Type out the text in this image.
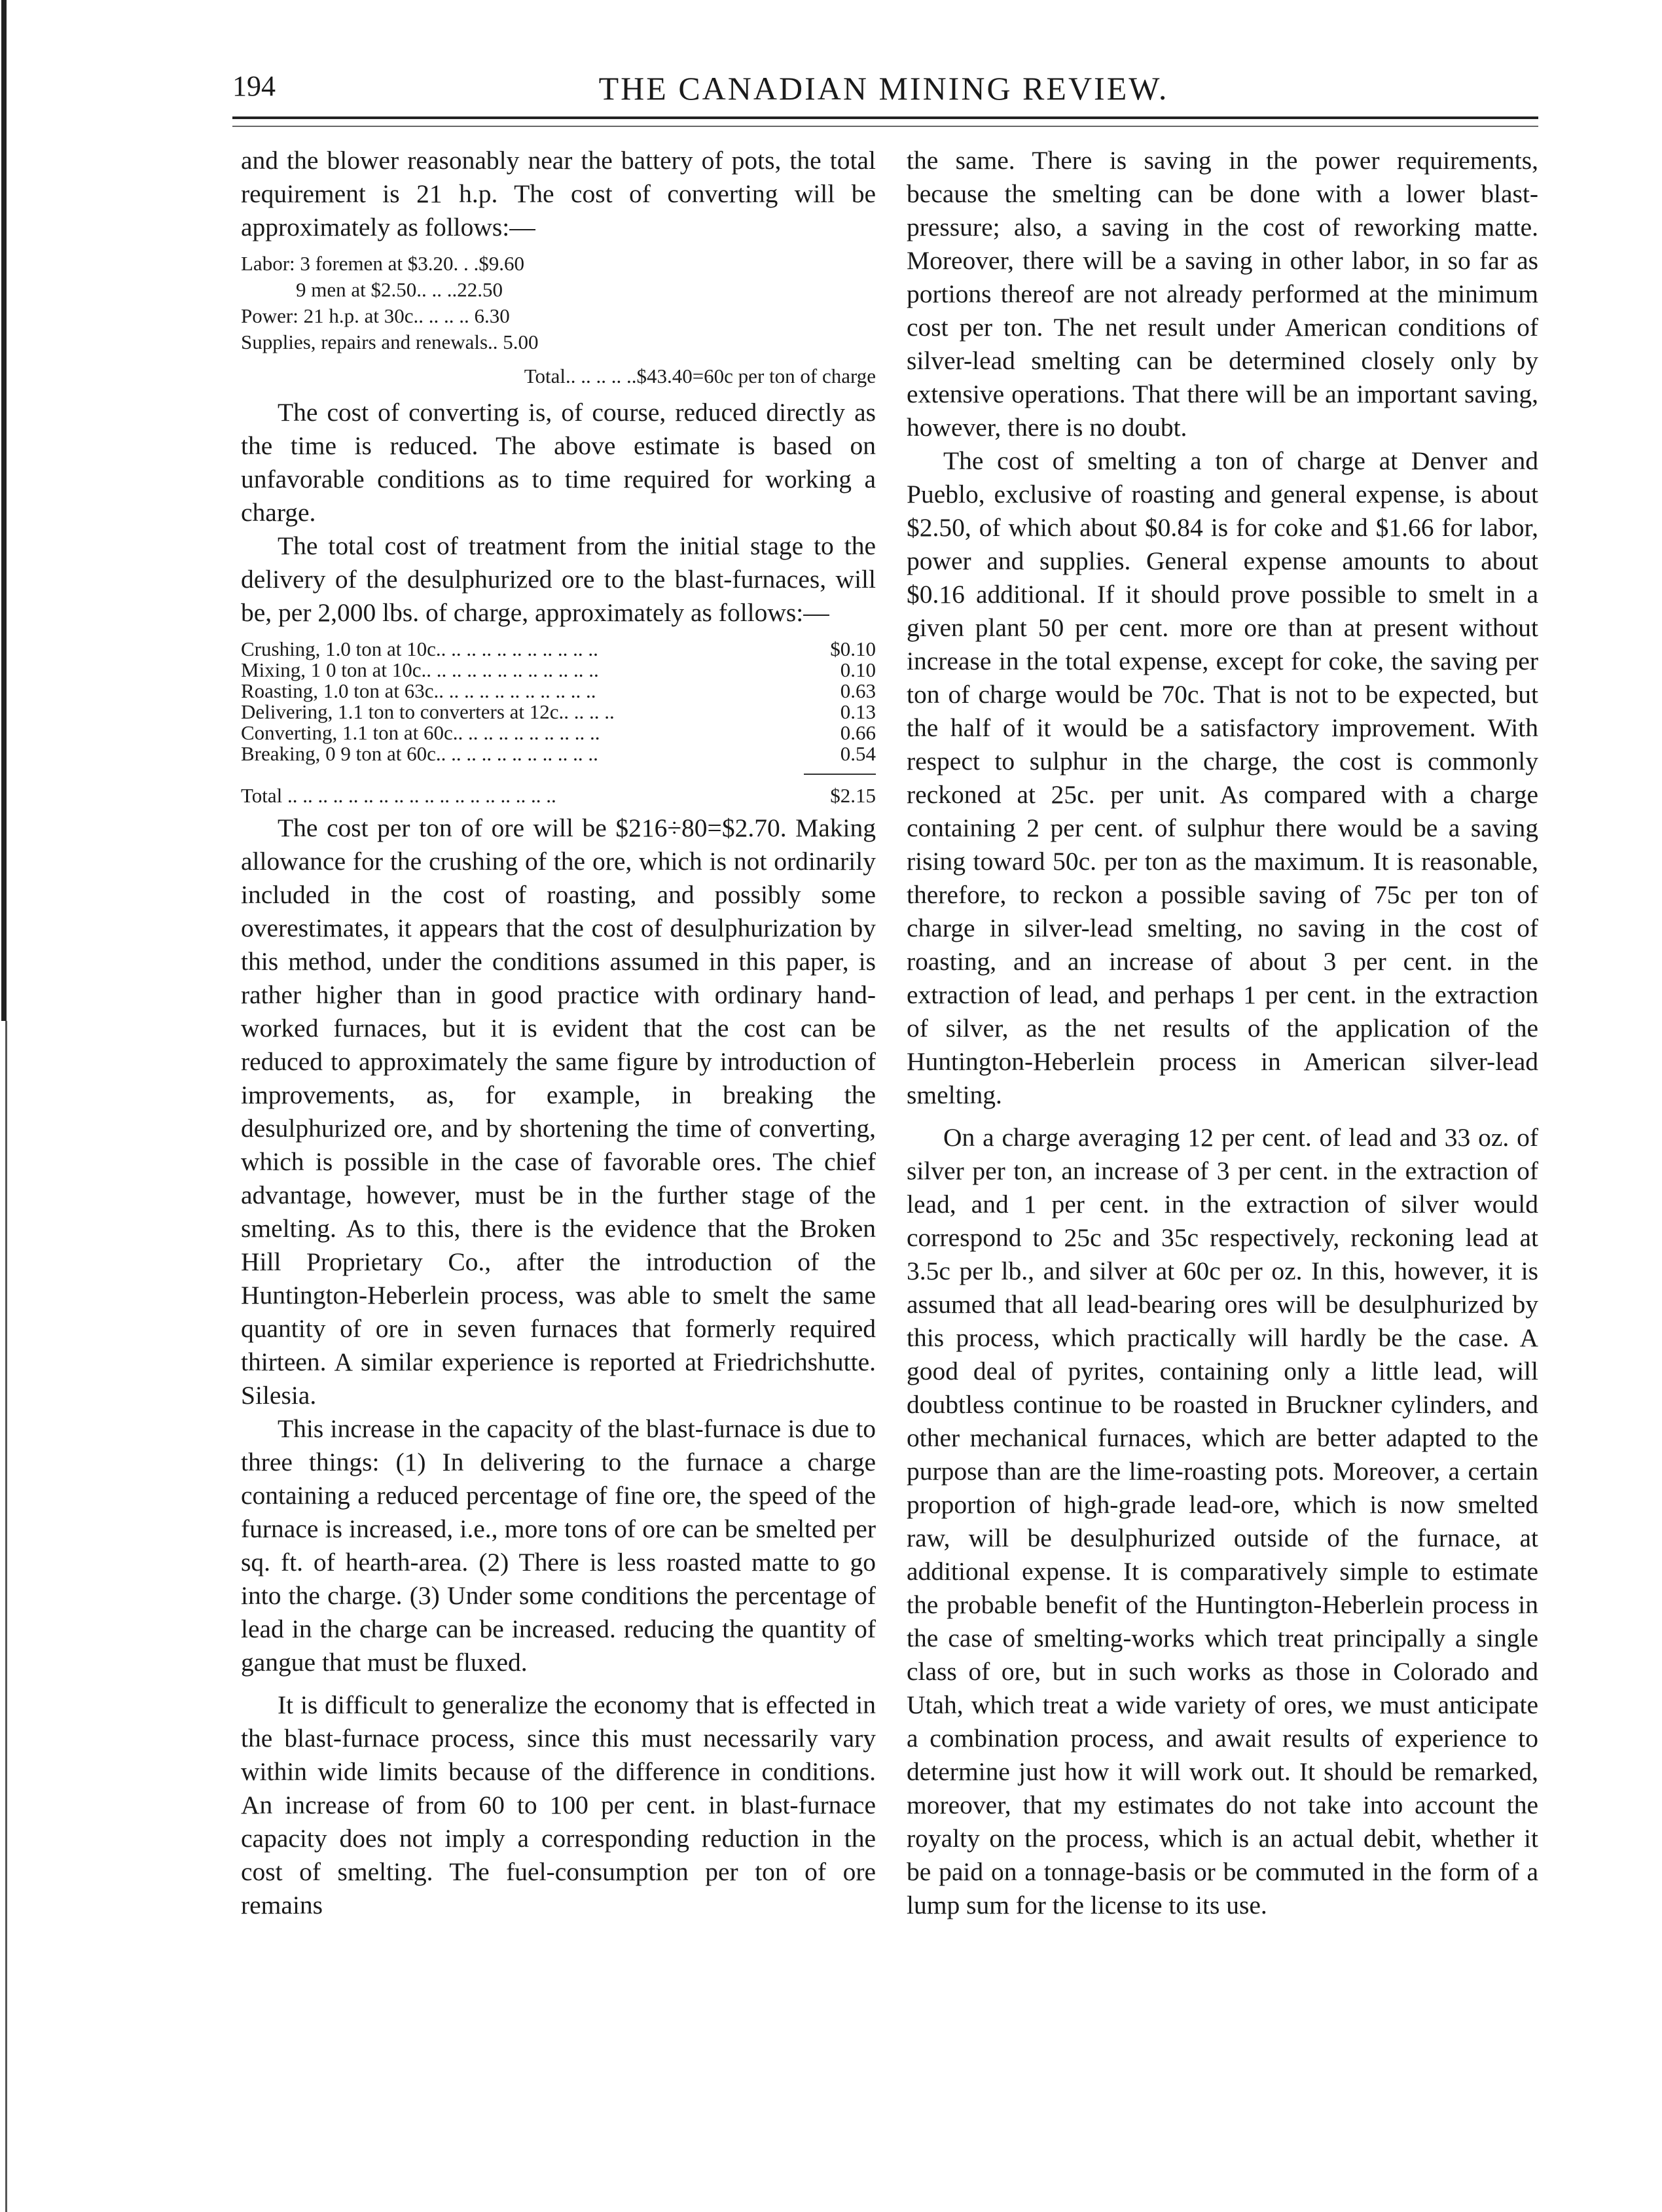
194	THE CANADIAN MINING REVIEW.

and the blower reasonably near the battery of pots, the total requirement is 21 h.p. The cost of converting will be approximately as follows:—

Labor: 3 foremen at $3.20. . .$9.60
9 men at $2.50.. .. ..22.50
Power: 21 h.p. at 30c.. .. .. .. 6.30
Supplies, repairs and renewals.. 5.00
Total.. .. .. .. ..$43.40=60c per ton of charge

The cost of converting is, of course, reduced directly as the time is reduced. The above estimate is based on unfavorable conditions as to time required for working a charge.

The total cost of treatment from the initial stage to the delivery of the desulphurized ore to the blast-furnaces, will be, per 2,000 lbs. of charge, approximately as follows:—

Crushing, 1.0 ton at 10c.. .. .. .. .. .. .. .. .. .. ..	$0.10
Mixing, 1 0 ton at 10c.. .. .. .. .. .. .. .. .. .. .. ..	0.10
Roasting, 1.0 ton at 63c.. .. .. .. .. .. .. .. .. .. ..	0.63
Delivering, 1.1 ton to converters at 12c.. .. .. ..	0.13
Converting, 1.1 ton at 60c.. .. .. .. .. .. .. .. .. ..	0.66
Breaking, 0 9 ton at 60c.. .. .. .. .. .. .. .. .. .. ..	0.54
Total .. .. .. .. .. .. .. .. .. .. .. .. .. .. .. .. .. ..	$2.15

The cost per ton of ore will be $216÷80=$2.70. Making allowance for the crushing of the ore, which is not ordinarily included in the cost of roasting, and possibly some overestimates, it appears that the cost of desulphurization by this method, under the conditions assumed in this paper, is rather higher than in good practice with ordinary hand-worked furnaces, but it is evident that the cost can be reduced to approximately the same figure by introduction of improvements, as, for example, in breaking the desulphurized ore, and by shortening the time of converting, which is possible in the case of favorable ores. The chief advantage, however, must be in the further stage of the smelting. As to this, there is the evidence that the Broken Hill Proprietary Co., after the introduction of the Huntington-Heberlein process, was able to smelt the same quantity of ore in seven furnaces that formerly required thirteen. A similar experience is reported at Friedrichshutte. Silesia.

This increase in the capacity of the blast-furnace is due to three things: (1) In delivering to the furnace a charge containing a reduced percentage of fine ore, the speed of the furnace is increased, i.e., more tons of ore can be smelted per sq. ft. of hearth-area. (2) There is less roasted matte to go into the charge. (3) Under some conditions the percentage of lead in the charge can be increased. reducing the quantity of gangue that must be fluxed.

It is difficult to generalize the economy that is effected in the blast-furnace process, since this must necessarily vary within wide limits because of the difference in conditions. An increase of from 60 to 100 per cent. in blast-furnace capacity does not imply a corresponding reduction in the cost of smelting. The fuel-consumption per ton of ore remains

the same. There is saving in the power requirements, because the smelting can be done with a lower blast-pressure; also, a saving in the cost of reworking matte. Moreover, there will be a saving in other labor, in so far as portions thereof are not already performed at the minimum cost per ton. The net result under American conditions of silver-lead smelting can be determined closely only by extensive operations. That there will be an important saving, however, there is no doubt.

The cost of smelting a ton of charge at Denver and Pueblo, exclusive of roasting and general expense, is about $2.50, of which about $0.84 is for coke and $1.66 for labor, power and supplies. General expense amounts to about $0.16 additional. If it should prove possible to smelt in a given plant 50 per cent. more ore than at present without increase in the total expense, except for coke, the saving per ton of charge would be 70c. That is not to be expected, but the half of it would be a satisfactory improvement. With respect to sulphur in the charge, the cost is commonly reckoned at 25c. per unit. As compared with a charge containing 2 per cent. of sulphur there would be a saving rising toward 50c. per ton as the maximum. It is reasonable, therefore, to reckon a possible saving of 75c per ton of charge in silver-lead smelting, no saving in the cost of roasting, and an increase of about 3 per cent. in the extraction of lead, and perhaps 1 per cent. in the extraction of silver, as the net results of the application of the Huntington-Heberlein process in American silver-lead smelting.

On a charge averaging 12 per cent. of lead and 33 oz. of silver per ton, an increase of 3 per cent. in the extraction of lead, and 1 per cent. in the extraction of silver would correspond to 25c and 35c respectively, reckoning lead at 3.5c per lb., and silver at 60c per oz. In this, however, it is assumed that all lead-bearing ores will be desulphurized by this process, which practically will hardly be the case. A good deal of pyrites, containing only a little lead, will doubtless continue to be roasted in Bruckner cylinders, and other mechanical furnaces, which are better adapted to the purpose than are the lime-roasting pots. Moreover, a certain proportion of high-grade lead-ore, which is now smelted raw, will be desulphurized outside of the furnace, at additional expense. It is comparatively simple to estimate the probable benefit of the Huntington-Heberlein process in the case of smelting-works which treat principally a single class of ore, but in such works as those in Colorado and Utah, which treat a wide variety of ores, we must anticipate a combination process, and await results of experience to determine just how it will work out. It should be remarked, moreover, that my estimates do not take into account the royalty on the process, which is an actual debit, whether it be paid on a tonnage-basis or be commuted in the form of a lump sum for the license to its use.
